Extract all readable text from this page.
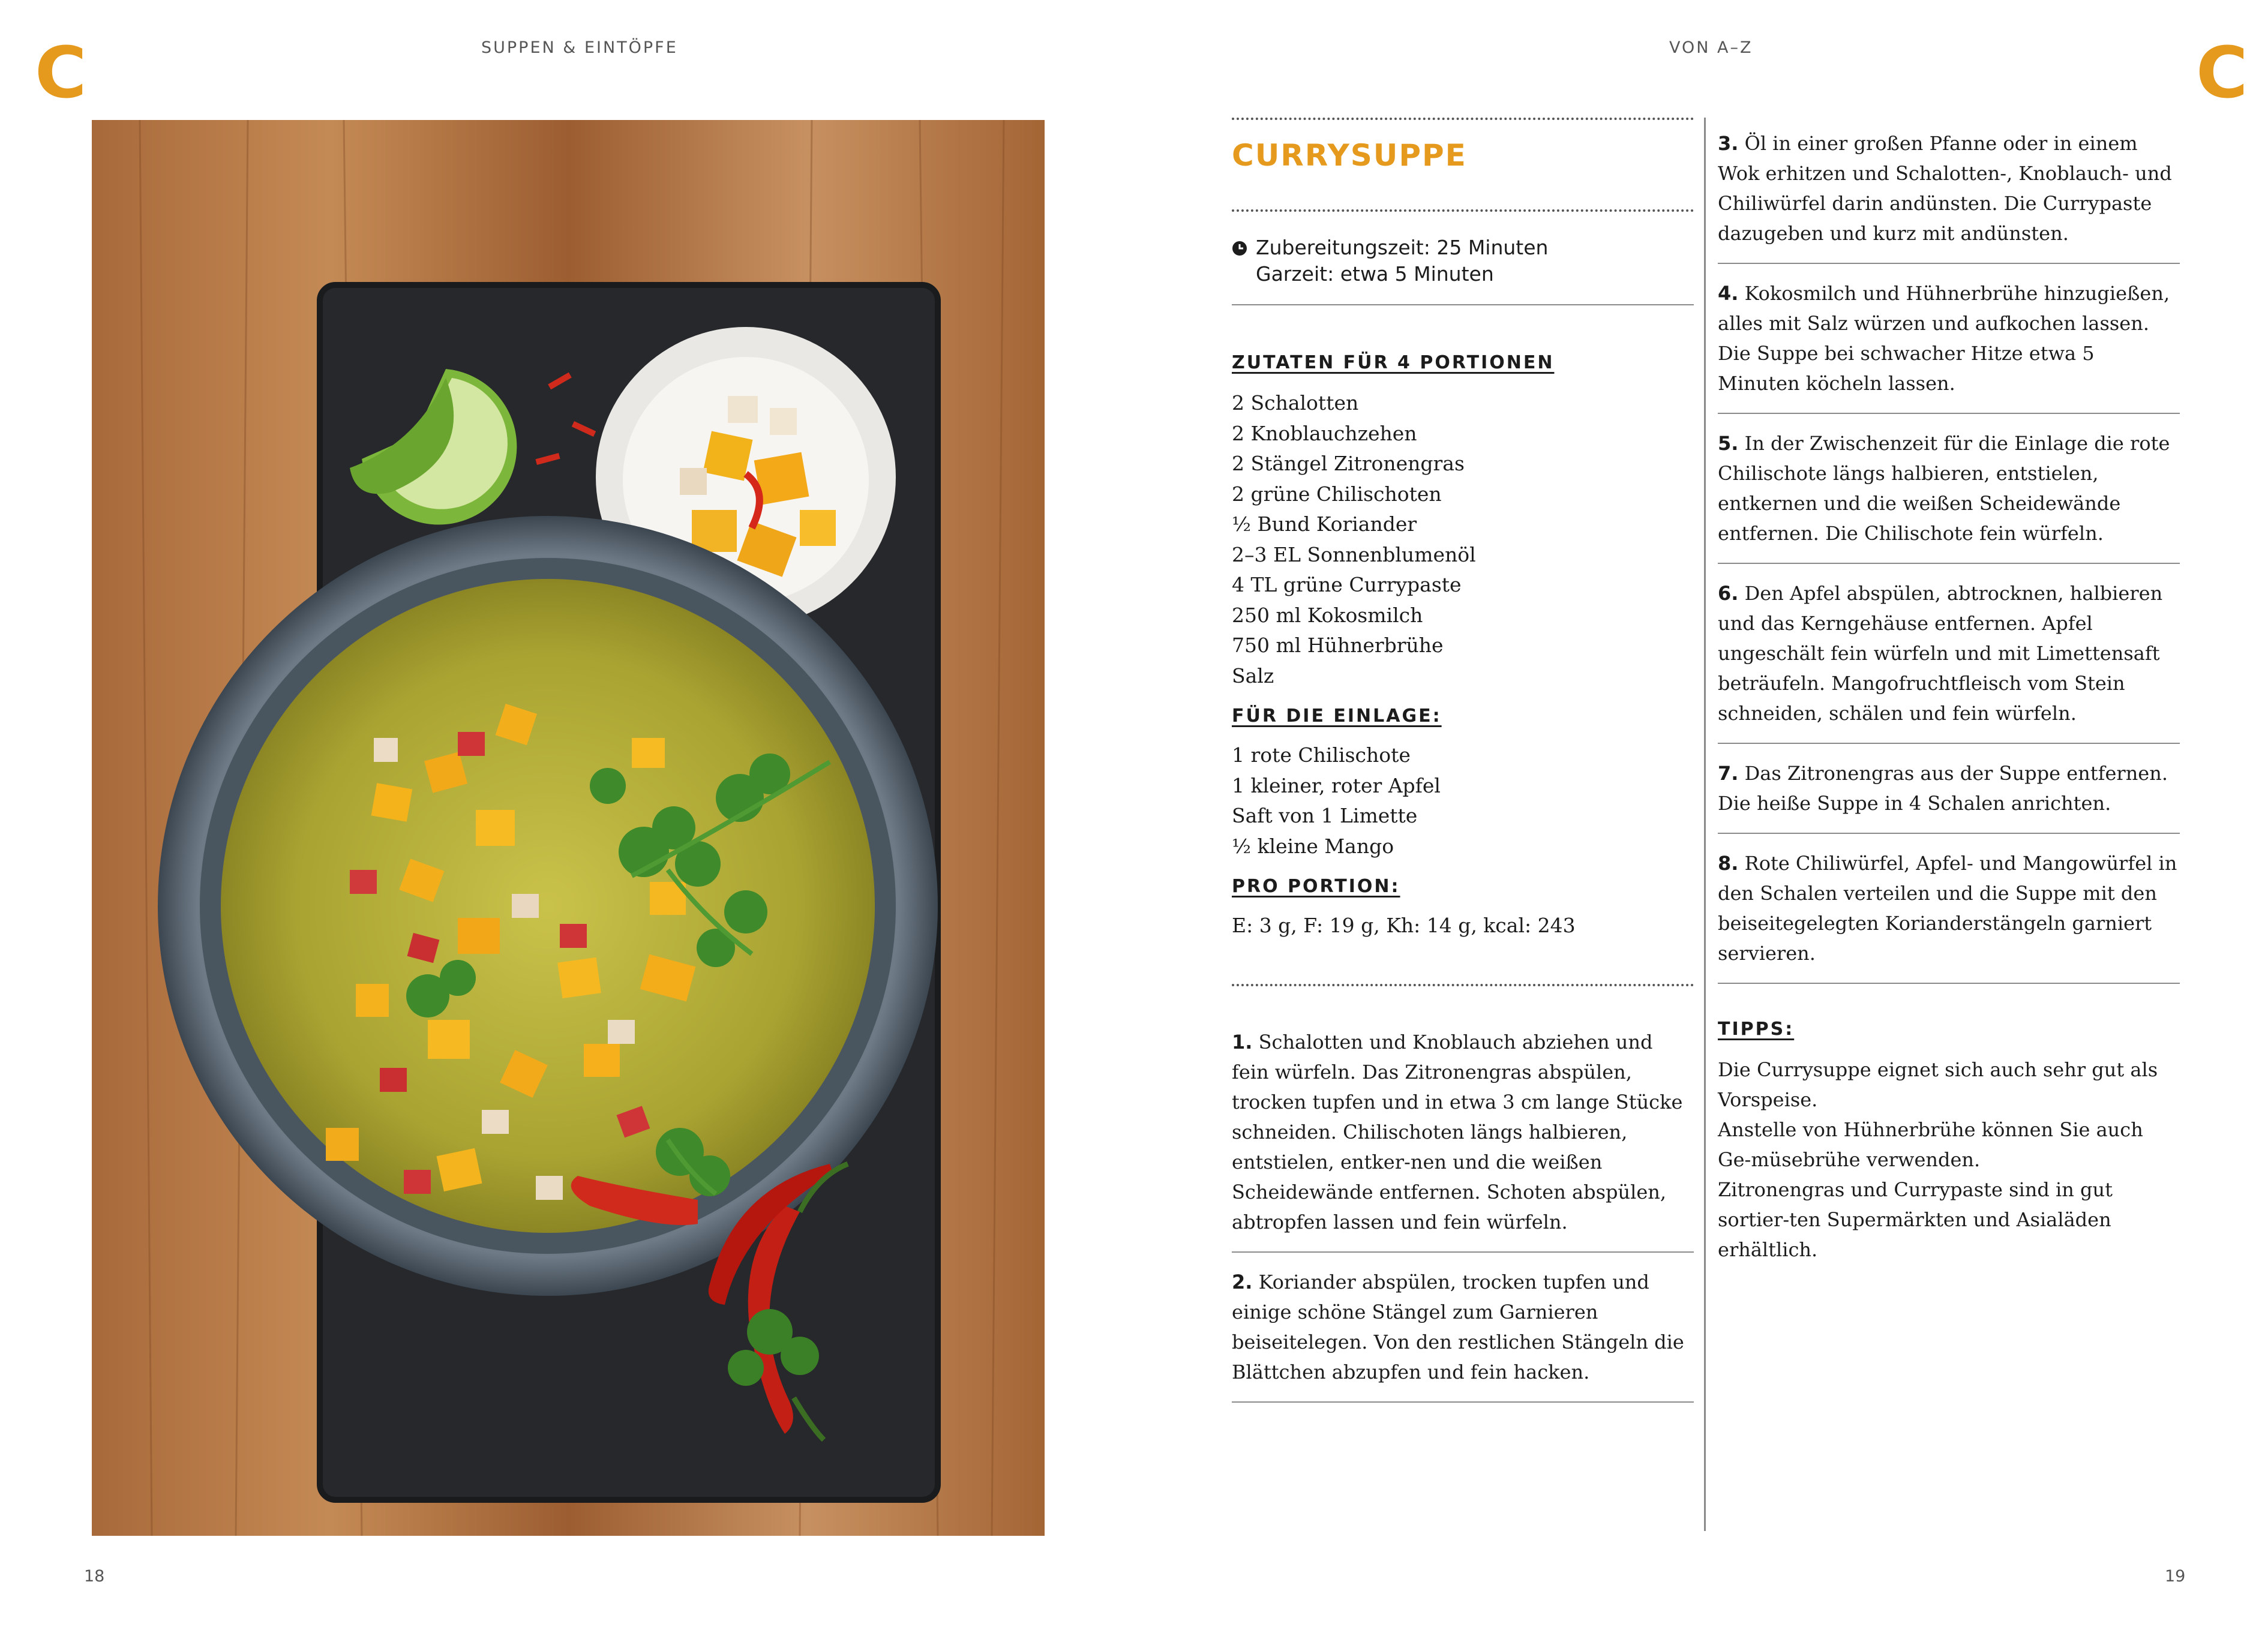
C	C
SUPPEN & EINTÖPFE	VON A–Z
CURRYSUPPE
Zubereitungszeit: 25 Minuten
Garzeit: etwa 5 Minuten
ZUTATEN FÜR 4 PORTIONEN
2 Schalotten
2 Knoblauchzehen
2 Stängel Zitronengras
2 grüne Chilischoten
½ Bund Koriander
2–3 EL Sonnenblumenöl
4 TL grüne Currypaste
250 ml Kokosmilch
750 ml Hühnerbrühe
Salz
FÜR DIE EINLAGE:
1 rote Chilischote
1 kleiner, roter Apfel
Saft von 1 Limette
½ kleine Mango
PRO PORTION:
E: 3 g, F: 19 g, Kh: 14 g, kcal: 243
1. Schalotten und Knoblauch abziehen und fein würfeln. Das Zitronengras abspülen, trocken tupfen und in etwa 3 cm lange Stücke schneiden. Chilischoten längs halbieren, entstielen, entker-nen und die weißen Scheidewände entfernen. Schoten abspülen, abtropfen lassen und fein würfeln.
2. Koriander abspülen, trocken tupfen und einige schöne Stängel zum Garnieren beiseitelegen. Von den restlichen Stängeln die Blättchen abzupfen und fein hacken.
3. Öl in einer großen Pfanne oder in einem Wok erhitzen und Schalotten-, Knoblauch- und Chiliwürfel darin andünsten. Die Currypaste dazugeben und kurz mit andünsten.
4. Kokosmilch und Hühnerbrühe hinzugießen, alles mit Salz würzen und aufkochen lassen. Die Suppe bei schwacher Hitze etwa 5 Minuten köcheln lassen.
5. In der Zwischenzeit für die Einlage die rote Chilischote längs halbieren, entstielen, entkernen und die weißen Scheidewände entfernen. Die Chilischote fein würfeln.
6. Den Apfel abspülen, abtrocknen, halbieren und das Kerngehäuse entfernen. Apfel ungeschält fein würfeln und mit Limettensaft beträufeln. Mangofruchtfleisch vom Stein schneiden, schälen und fein würfeln.
7. Das Zitronengras aus der Suppe entfernen. Die heiße Suppe in 4 Schalen anrichten.
8. Rote Chiliwürfel, Apfel- und Mangowürfel in den Schalen verteilen und die Suppe mit den beiseitegelegten Korianderstängeln garniert servieren.
TIPPS:
Die Currysuppe eignet sich auch sehr gut als Vorspeise.
Anstelle von Hühnerbrühe können Sie auch Ge-müsebrühe verwenden.
Zitronengras und Currypaste sind in gut sortier-ten Supermärkten und Asialäden erhältlich.
18	19
